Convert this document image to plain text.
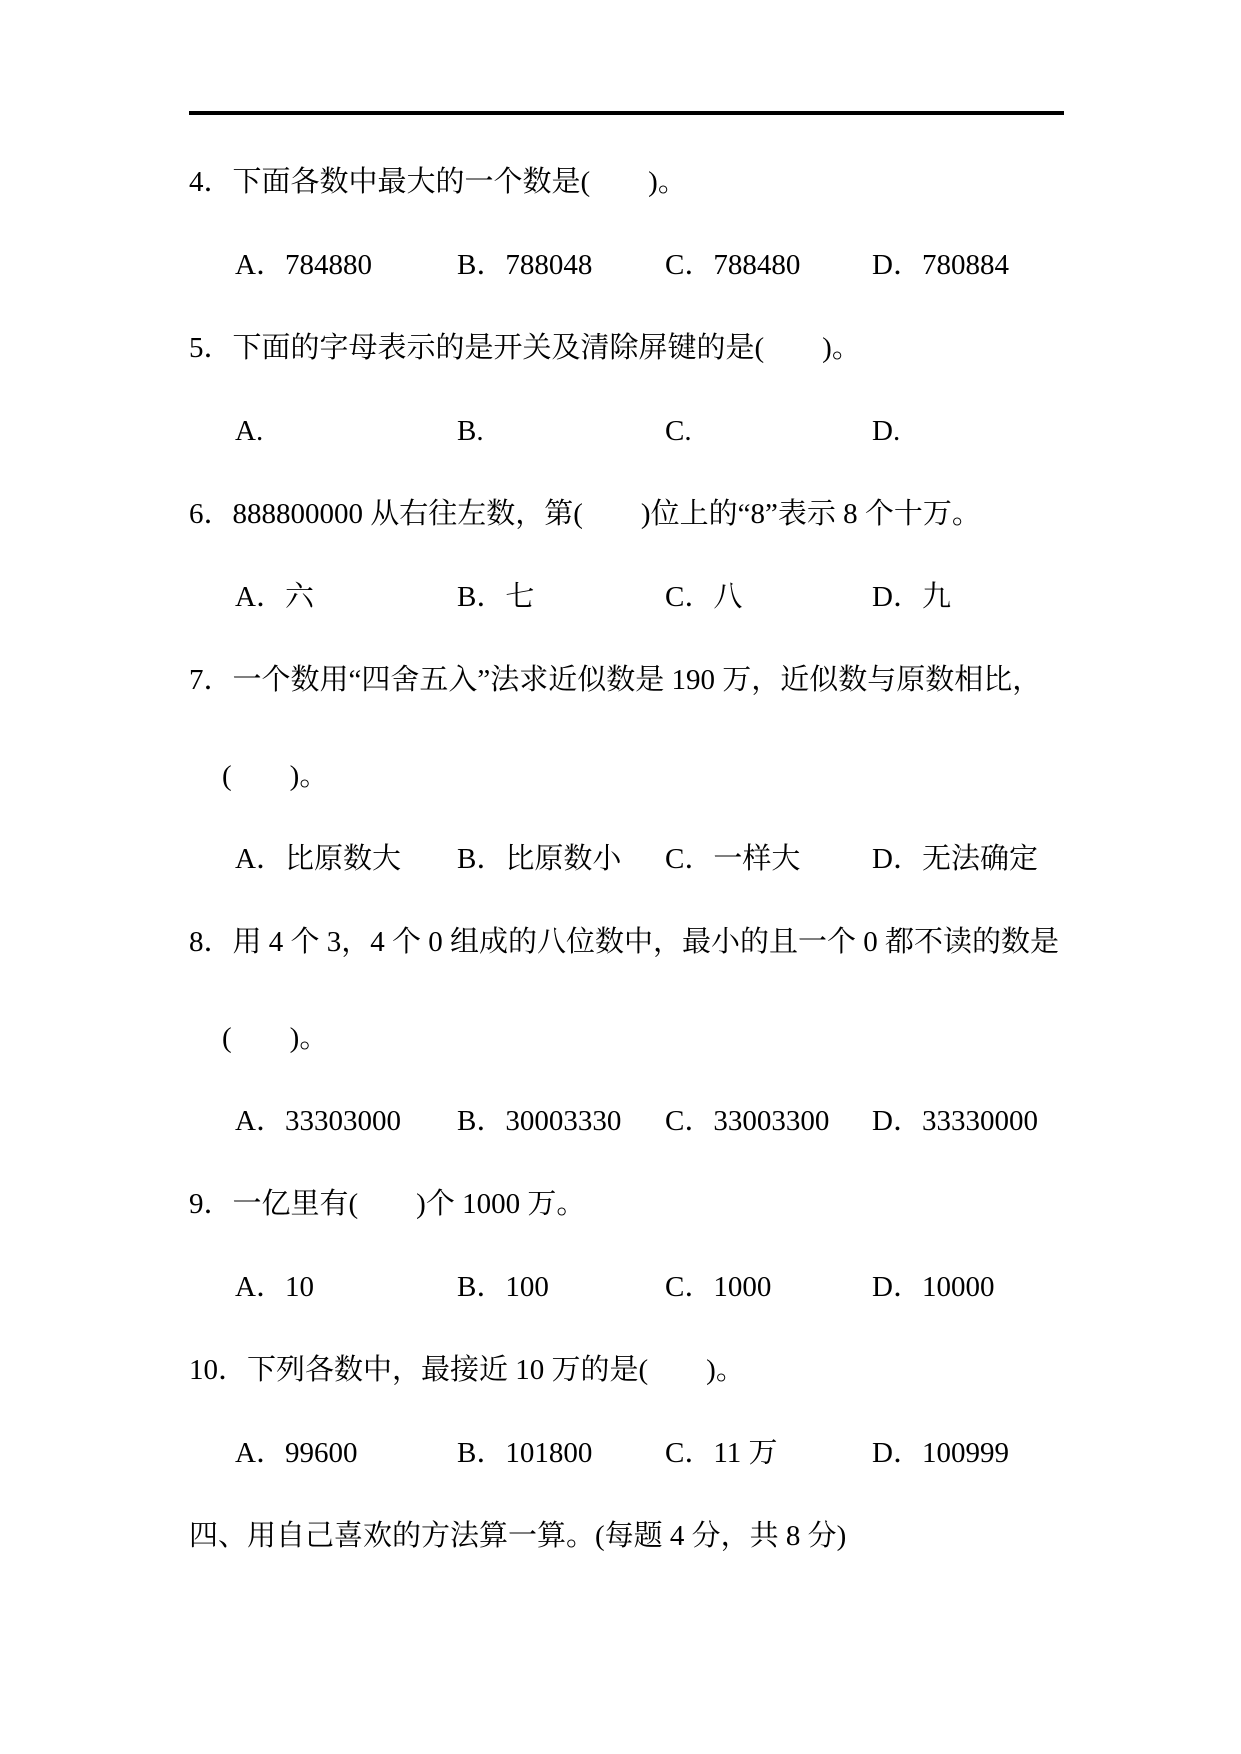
4．下面各数中最大的一个数是(  )。
A．784880	B．788048	C．788480 D．780884
5．下面的字母表示的是开关及清除屏键的是(  )。
A.	B.	C.	D.
6．888800000 从右往左数，第(  )位上的“8”表示 8 个十万。
A．六	B．七	C．八	D．九
7．一个数用“四舍五入”法求近似数是 190 万，近似数与原数相比，
(  )。
A．比原数大 B．比原数小 C．一样大 D．无法确定
8．用 4 个 3，4 个 0 组成的八位数中，最小的且一个 0 都不读的数是
(  )。
A．33303000 B．30003330 C．33003300 D．33330000
9．一亿里有(  )个 1000 万。
A．10	B．100	C．1000	D．10000
10．下列各数中，最接近 10 万的是(  )。
A．99600	B．101800	C．11 万	D．100999
四、用自己喜欢的方法算一算。(每题 4 分，共 8 分)
